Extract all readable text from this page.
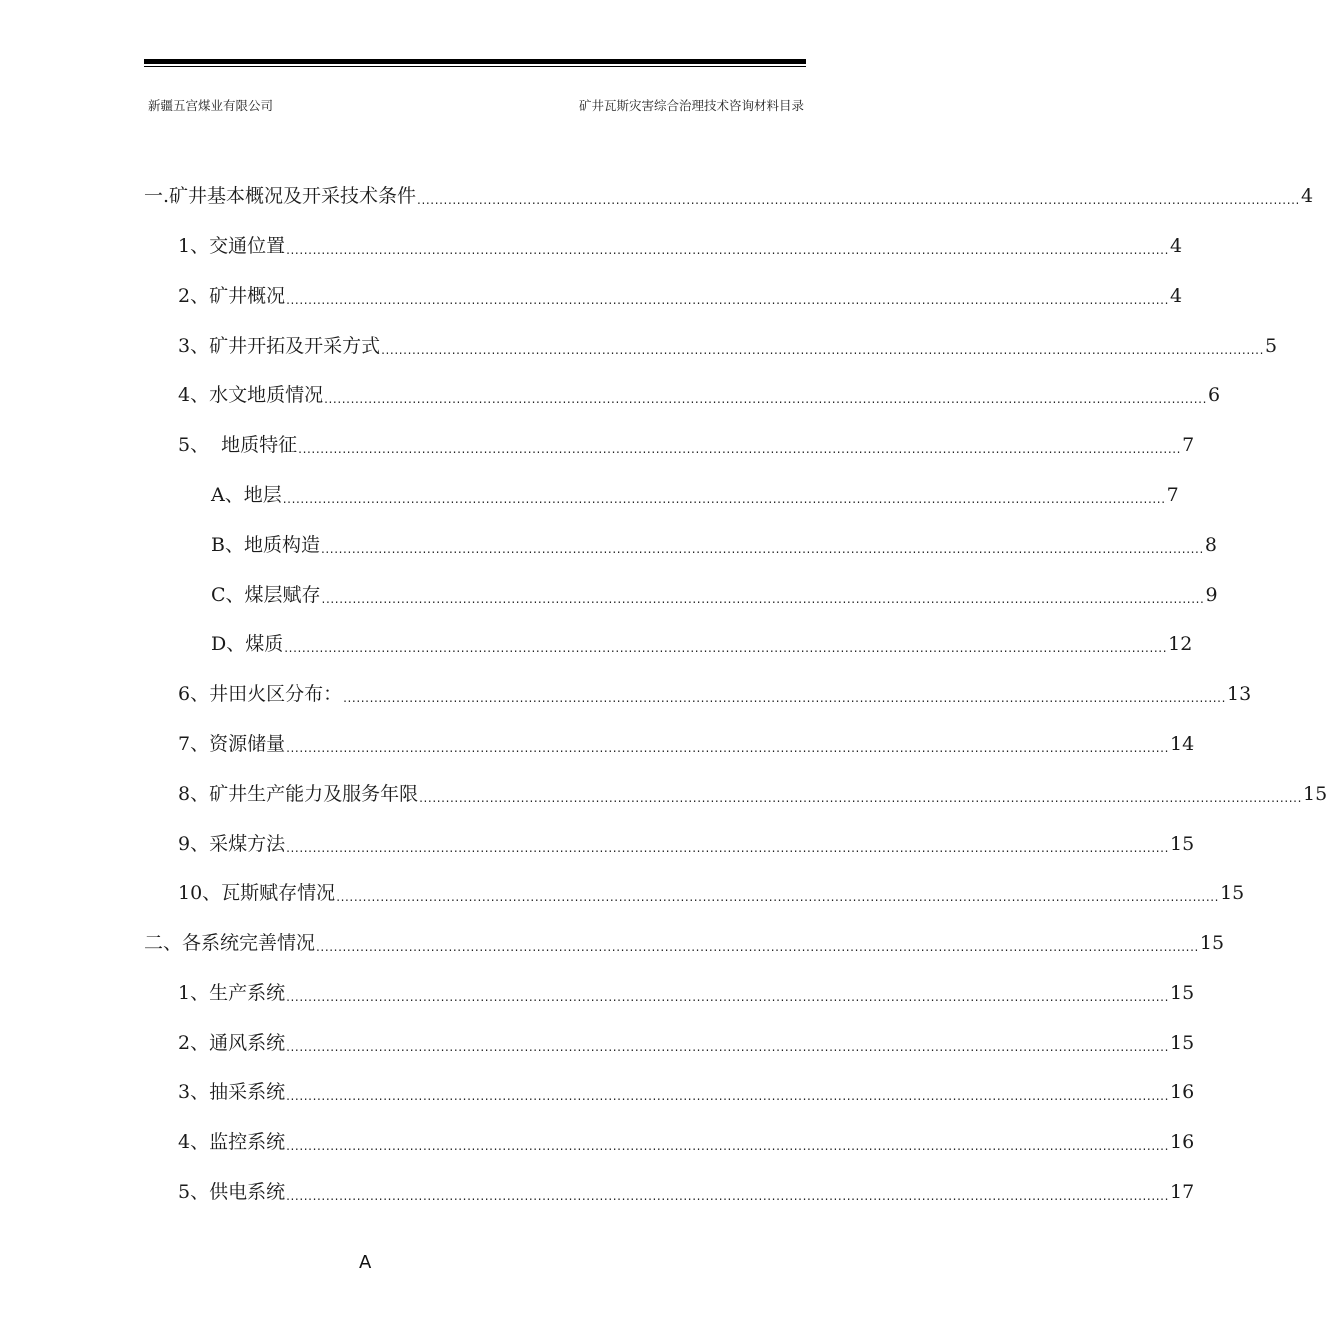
新疆五宫煤业有限公司	矿井瓦斯灾害综合治理技术咨询材料目录
一.矿井基本概况及开采技术条件 ........................................................................................................................................................................................................ 4
1、交通位置 ........................................................................................................................................................................................................ 4
2、矿井概况 ........................................................................................................................................................................................................ 4
3、矿井开拓及开采方式 ........................................................................................................................................................................................................ 5
4、水文地质情况 ........................................................................................................................................................................................................ 6
5、  地质特征 ........................................................................................................................................................................................................ 7
A、地层 ........................................................................................................................................................................................................ 7
B、地质构造 ........................................................................................................................................................................................................ 8
C、煤层赋存 ........................................................................................................................................................................................................ 9
D、煤质 ........................................................................................................................................................................................................ 12
6、井田火区分布： ........................................................................................................................................................................................................ 13
7、资源储量 ........................................................................................................................................................................................................ 14
8、矿井生产能力及服务年限 ........................................................................................................................................................................................................ 15
9、采煤方法 ........................................................................................................................................................................................................ 15
10、瓦斯赋存情况 ........................................................................................................................................................................................................ 15
二、各系统完善情况 ........................................................................................................................................................................................................ 15
1、生产系统 ........................................................................................................................................................................................................ 15
2、通风系统 ........................................................................................................................................................................................................ 15
3、抽采系统 ........................................................................................................................................................................................................ 16
4、监控系统 ........................................................................................................................................................................................................ 16
5、供电系统 ........................................................................................................................................................................................................ 17
A
